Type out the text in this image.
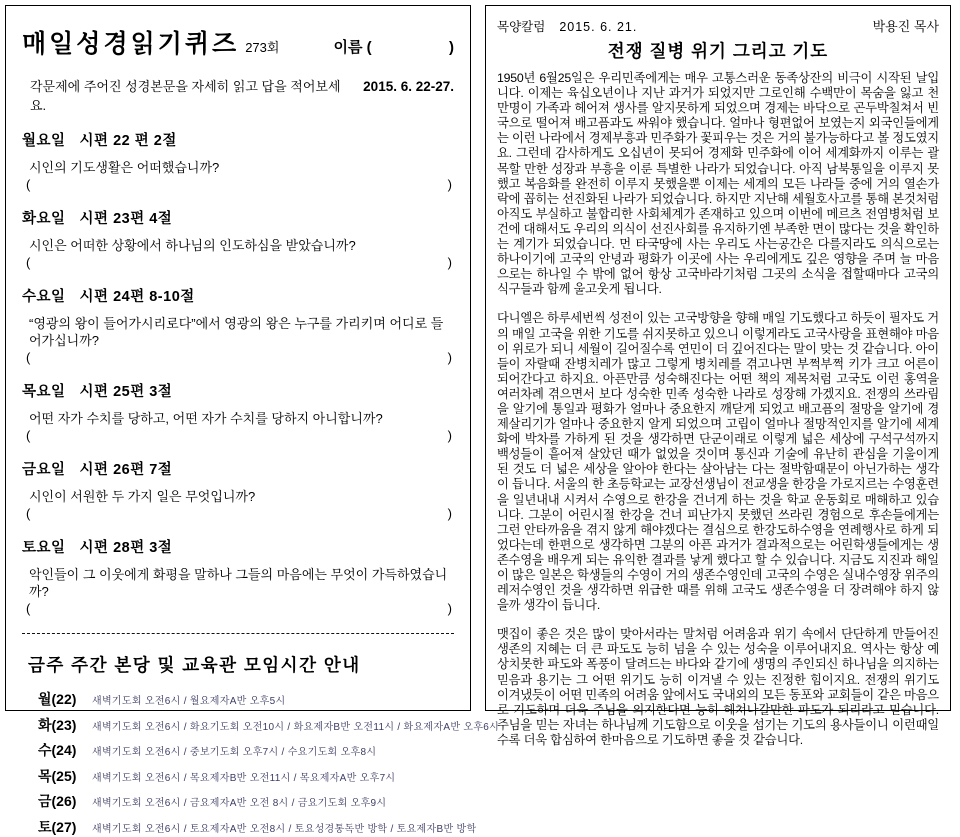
매일성경읽기퀴즈 273회	이름 (	)
각문제에 주어진 성경본문을 자세히 읽고 답을 적어보세요.
2015. 6. 22-27.
월요일 시편 22 편 2절
시인의 기도생활은 어떠했습니까?
(	)
화요일 시편 23편 4절
시인은 어떠한 상황에서 하나님의 인도하심을 받았습니까?
(	)
수요일 시편 24편 8-10절
“영광의 왕이 들어가시리로다”에서 영광의 왕은 누구를 가리키며 어디로 들어가십니까?
(	)
목요일 시편 25편 3절
어떤 자가 수치를 당하고, 어떤 자가 수치를 당하지 아니합니까?
(	)
금요일 시편 26편 7절
시인이 서원한 두 가지 일은 무엇입니까?
(	)
토요일 시편 28편 3절
악인들이 그 이웃에게 화평을 말하나 그들의 마음에는 무엇이 가득하였습니까?
(	)
금주 주간 본당 및 교육관 모임시간 안내
월(22)	새벽기도회 오전6시 / 월요제자A반 오후5시
화(23)	새벽기도회 오전6시 / 화요기도회 오전10시 / 화요제자B반 오전11시 / 화요제자A반 오후6시
수(24)	새벽기도회 오전6시 / 중보기도회 오후7시 / 수요기도회 오후8시
목(25)	새벽기도회 오전6시 / 목요제자B반 오전11시 / 목요제자A반 오후7시
금(26)	새벽기도회 오전6시 / 금요제자A반 오전 8시 / 금요기도회 오후9시
토(27)	새벽기도회 오전6시 / 토요제자A반 오전8시 / 토요성경통독반 방학 / 토요제자B반 방학
목양칼럼 2015. 6. 21.	박용진 목사
전쟁 질병 위기 그리고 기도

1950년 6월25일은 우리민족에게는 매우 고통스러운 동족상잔의 비극이 시작된 날입니다. 이제는 육십오년이나 지난 과거가 되었지만 그로인해 수백만이 목숨을 잃고 천만명이 가족과 헤어져 생사를 알지못하게 되었으며 경제는 바닥으로 곤두박칠쳐서 빈국으로 떨어져 배고픔과도 싸워야 했습니다. 얼마나 형편없어 보였는지 외국인들에게는 이런 나라에서 경제부흥과 민주화가 꽃피우는 것은 거의 불가능하다고 볼 정도였지요. 그런데 감사하게도 오십년이 못되어 경제화 민주화에 이어 세계화까지 이루는 괄목할 만한 성장과 부흥을 이룬 특별한 나라가 되었습니다. 아직 남북통일을 이루지 못했고 복음화를 완전히 이루지 못했을뿐 이제는 세계의 모든 나라들 중에 거의 열손가락에 꼽히는 선진화된 나라가 되었습니다. 하지만 지난해 세월호사고를 통해 본것처럼 아직도 부실하고 불합리한 사회체계가 존재하고 있으며 이번에 메르츠 전염병처럼 보건에 대해서도 우리의 의식이 선진사회를 유지하기엔 부족한 면이 많다는 것을 확인하는 계기가 되었습니다. 먼 타국땅에 사는 우리도 사는공간은 다를지라도 의식으로는 하나이기에 고국의 안녕과 평화가 이곳에 사는 우리에게도 깊은 영향을 주며 늘 마음으로는 하나일 수 밖에 없어 항상 고국바라기처럼 그곳의 소식을 접할때마다 고국의 식구들과 함께 울고웃게 됩니다.

다니엘은 하루세번씩 성전이 있는 고국방향을 향해 매일 기도했다고 하듯이 필자도 거의 매일 고국을 위한 기도를 쉬지못하고 있으니 이렇게라도 고국사랑을 표현해야 마음이 위로가 되니 세월이 길어질수록 연민이 더 깊어진다는 말이 맞는 것 같습니다. 아이들이 자랄때 잔병치레가 많고 그렇게 병치레를 겪고나면 부쩍부쩍 키가 크고 어른이 되어간다고 하지요. 아픈만큼 성숙해진다는 어떤 책의 제목처럼 고국도 이런 홍역을 여러차례 겪으면서 보다 성숙한 민족 성숙한 나라로 성장해 가겠지요. 전쟁의 쓰라림을 알기에 통일과 평화가 얼마나 중요한지 깨닫게 되었고 배고픔의 절망을 알기에 경제살리기가 얼마나 중요한지 알게 되었으며 고립이 얼마나 절망적인지를 알기에 세계화에 박차를 가하게 된 것을 생각하면 단군이래로 이렇게 넓은 세상에 구석구석까지 백성들이 흩어져 살았던 때가 없었을 것이며 통신과 기술에 유난히 관심을 기울이게 된 것도 더 넓은 세상을 알아야 한다는 살아남는 다는 절박함때문이 아닌가하는 생각이 듭니다. 서울의 한 초등학교는 교장선생님이 전교생을 한강을 가로지르는 수영훈련을 일년내내 시켜서 수영으로 한강을 건너게 하는 것을 학교 운동회로 매해하고 있습니다. 그분이 어린시절 한강을 건너 피난가지 못했던 쓰라린 경험으로 후손들에게는 그런 안타까움을 겪지 않게 해야겠다는 결심으로 한강도하수영을 연례행사로 하게 되었다는데 한편으로 생각하면 그분의 아픈 과거가 결과적으로는 어린학생들에게는 생존수영을 배우게 되는 유익한 결과를 낳게 했다고 할 수 있습니다. 지금도 지진과 해일이 많은 일본은 학생들의 수영이 거의 생존수영인데 고국의 수영은 실내수영장 위주의 레저수영인 것을 생각하면 위급한 때를 위해 고국도 생존수영을 더 장려해야 하지 않을까 생각이 듭니다.

맷집이 좋은 것은 많이 맞아서라는 말처럼 어려움과 위기 속에서 단단하게 만들어진 생존의 지혜는 더 큰 파도도 능히 넘을 수 있는 성숙을 이루어내지요. 역사는 항상 예상치못한 파도와 폭풍이 달려드는 바다와 같기에 생명의 주인되신 하나님을 의지하는 믿음과 용기는 그 어떤 위기도 능히 이겨낼 수 있는 진정한 힘이지요. 전쟁의 위기도 이겨냈듯이 어떤 민족의 어려움 앞에서도 국내외의 모든 동포와 교회들이 같은 마음으로 기도하며 더욱 주님을 의지한다면 능히 헤쳐나갈만한 파도가 되리라고 믿습니다. 주님을 믿는 자녀는 하나님께 기도함으로 이웃을 섬기는 기도의 용사들이니 이런때일 수록 더욱 합심하여 한마음으로 기도하면 좋을 것 같습니다.
